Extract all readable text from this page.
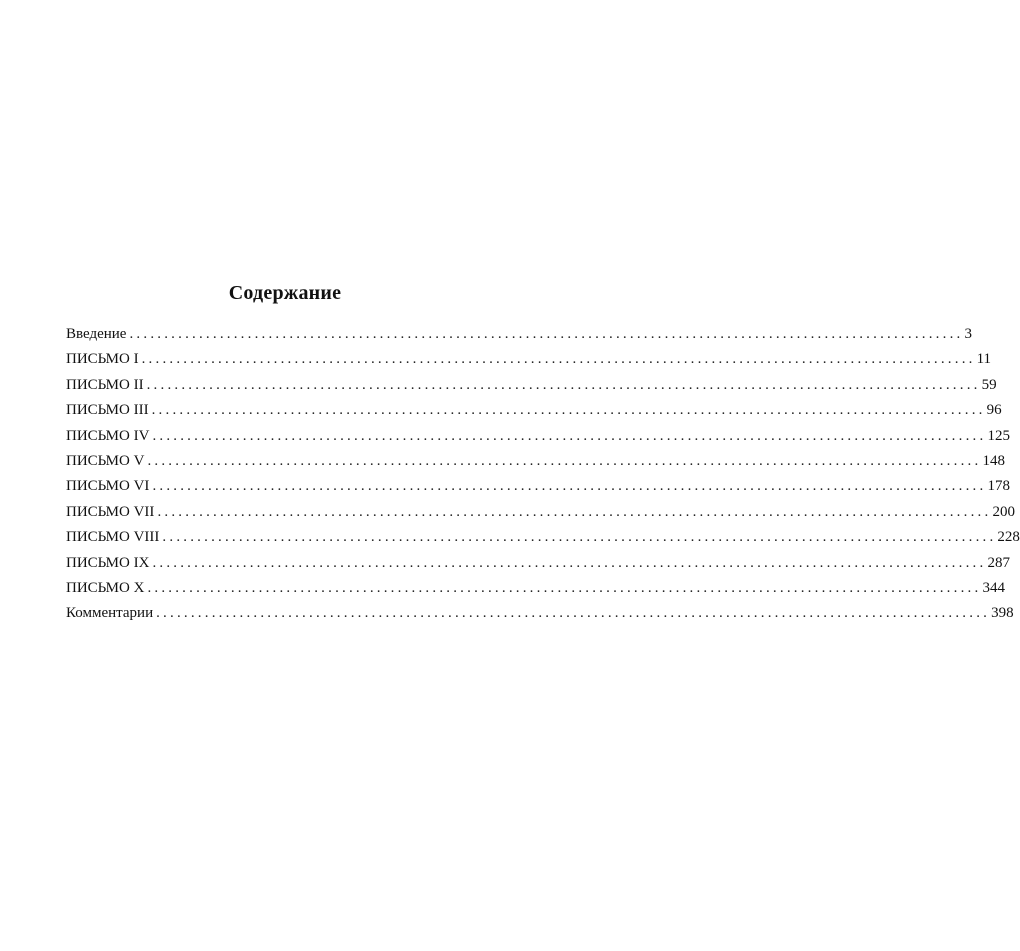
Содержание
Введение ........................................................................................................................ 3
ПИСЬМО I ........................................................................................................................ 11
ПИСЬМО II ........................................................................................................................ 59
ПИСЬМО III ........................................................................................................................ 96
ПИСЬМО IV ........................................................................................................................ 125
ПИСЬМО V ........................................................................................................................ 148
ПИСЬМО VI ........................................................................................................................ 178
ПИСЬМО VII ........................................................................................................................ 200
ПИСЬМО VIII ........................................................................................................................ 228
ПИСЬМО IX ........................................................................................................................ 287
ПИСЬМО X ........................................................................................................................ 344
Комментарии ........................................................................................................................ 398
